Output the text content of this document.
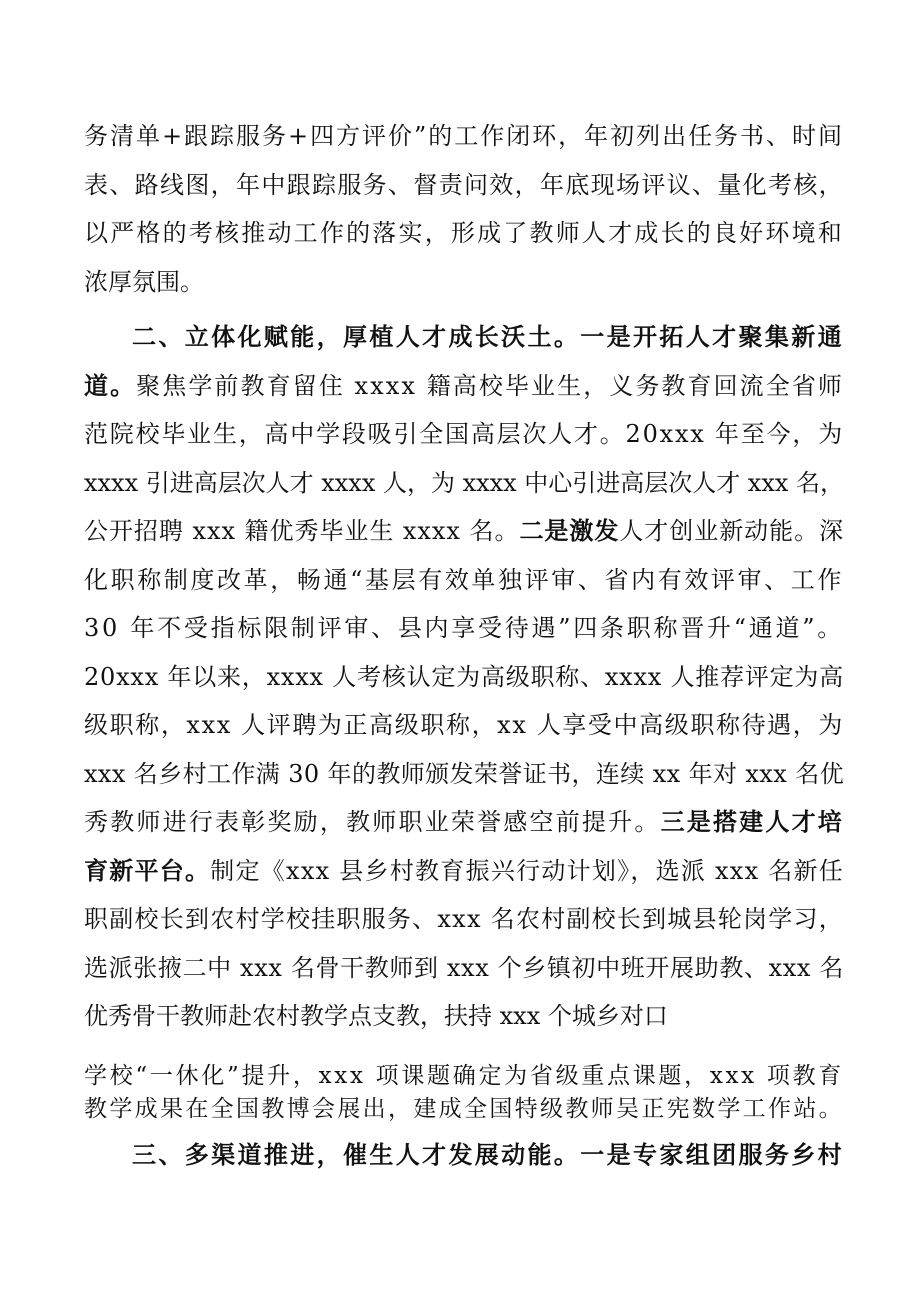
务清单+跟踪服务+四方评价”的工作闭环，年初列出任务书、时间
表、路线图，年中跟踪服务、督责问效，年底现场评议、量化考核，
以严格的考核推动工作的落实，形成了教师人才成长的良好环境和
浓厚氛围。
二、立体化赋能，厚植人才成长沃土。一是开拓人才聚集新通
道。聚焦学前教育留住 xxxx 籍高校毕业生，义务教育回流全省师
范院校毕业生，高中学段吸引全国高层次人才。20xxx 年至今，为
xxxx 引进高层次人才 xxxx 人，为 xxxx 中心引进高层次人才 xxx 名，
公开招聘 xxx 籍优秀毕业生 xxxx 名。二是激发人才创业新动能。深
化职称制度改革，畅通“基层有效单独评审、省内有效评审、工作
30 年不受指标限制评审、县内享受待遇”四条职称晋升“通道”。
20xxx 年以来，xxxx 人考核认定为高级职称、xxxx 人推荐评定为高
级职称，xxx 人评聘为正高级职称，xx 人享受中高级职称待遇，为
xxx 名乡村工作满 30 年的教师颁发荣誉证书，连续 xx 年对 xxx 名优
秀教师进行表彰奖励，教师职业荣誉感空前提升。三是搭建人才培
育新平台。制定《xxx 县乡村教育振兴行动计划》，选派 xxx 名新任
职副校长到农村学校挂职服务、xxx 名农村副校长到城县轮岗学习，
选派张掖二中 xxx 名骨干教师到 xxx 个乡镇初中班开展助教、xxx 名
优秀骨干教师赴农村教学点支教，扶持 xxx 个城乡对口
学校“一休化”提升，xxx 项课题确定为省级重点课题，xxx 项教育
教学成果在全国教博会展出，建成全国特级教师吴正宪数学工作站。
三、多渠道推进，催生人才发展动能。一是专家组团服务乡村
